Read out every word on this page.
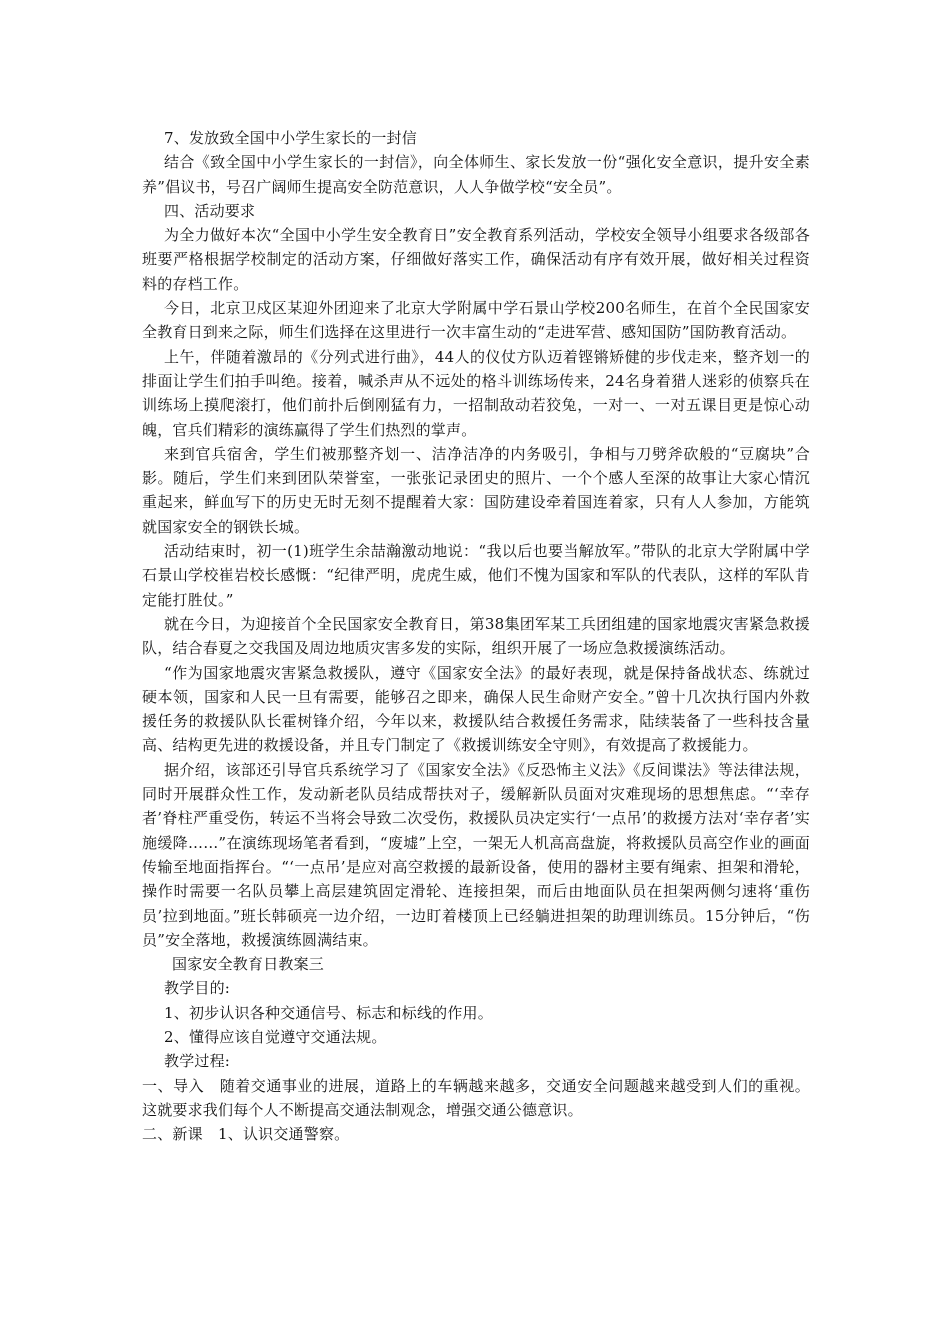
7、发放致全国中小学生家长的一封信

结合《致全国中小学生家长的一封信》，向全体师生、家长发放一份“强化安全意识，提升安全素养”倡议书，号召广阔师生提高安全防范意识，人人争做学校“安全员”。

四、活动要求

为全力做好本次“全国中小学生安全教育日”安全教育系列活动，学校安全领导小组要求各级部各班要严格根据学校制定的活动方案，仔细做好落实工作，确保活动有序有效开展，做好相关过程资料的存档工作。

今日，北京卫戍区某迎外团迎来了北京大学附属中学石景山学校200名师生，在首个全民国家安全教育日到来之际，师生们选择在这里进行一次丰富生动的“走进军营、感知国防”国防教育活动。

上午，伴随着激昂的《分列式进行曲》，44人的仪仗方队迈着铿锵矫健的步伐走来，整齐划一的排面让学生们拍手叫绝。接着，喊杀声从不远处的格斗训练场传来，24名身着猎人迷彩的侦察兵在训练场上摸爬滚打，他们前扑后倒刚猛有力，一招制敌动若狡兔，一对一、一对五课目更是惊心动魄，官兵们精彩的演练赢得了学生们热烈的掌声。

来到官兵宿舍，学生们被那整齐划一、洁净洁净的内务吸引，争相与刀劈斧砍般的“豆腐块”合影。随后，学生们来到团队荣誉室，一张张记录团史的照片、一个个感人至深的故事让大家心情沉重起来，鲜血写下的历史无时无刻不提醒着大家：国防建设牵着国连着家，只有人人参加，方能筑就国家安全的钢铁长城。

活动结束时，初一(1)班学生余喆瀚激动地说：“我以后也要当解放军。”带队的北京大学附属中学石景山学校崔岩校长感慨：“纪律严明，虎虎生威，他们不愧为国家和军队的代表队，这样的军队肯定能打胜仗。”

就在今日，为迎接首个全民国家安全教育日，第38集团军某工兵团组建的国家地震灾害紧急救援队，结合春夏之交我国及周边地质灾害多发的实际，组织开展了一场应急救援演练活动。

“作为国家地震灾害紧急救援队，遵守《国家安全法》的最好表现，就是保持备战状态、练就过硬本领，国家和人民一旦有需要，能够召之即来，确保人民生命财产安全。”曾十几次执行国内外救援任务的救援队队长霍树锋介绍，今年以来，救援队结合救援任务需求，陆续装备了一些科技含量高、结构更先进的救援设备，并且专门制定了《救援训练安全守则》，有效提高了救援能力。

据介绍，该部还引导官兵系统学习了《国家安全法》《反恐怖主义法》《反间谍法》等法律法规，同时开展群众性工作，发动新老队员结成帮扶对子，缓解新队员面对灾难现场的思想焦虑。“‘幸存者’脊柱严重受伤，转运不当将会导致二次受伤，救援队员决定实行‘一点吊’的救援方法对‘幸存者’实施缓降……”在演练现场笔者看到，“废墟”上空，一架无人机高高盘旋，将救援队员高空作业的画面传输至地面指挥台。“‘一点吊’是应对高空救援的最新设备，使用的器材主要有绳索、担架和滑轮，操作时需要一名队员攀上高层建筑固定滑轮、连接担架，而后由地面队员在担架两侧匀速将‘重伤员’拉到地面。”班长韩硕亮一边介绍，一边盯着楼顶上已经躺进担架的助理训练员。15分钟后，“伤员”安全落地，救援演练圆满结束。

国家安全教育日教案三

教学目的:

1、初步认识各种交通信号、标志和标线的作用。

2、懂得应该自觉遵守交通法规。

教学过程:

一、导入　随着交通事业的进展，道路上的车辆越来越多，交通安全问题越来越受到人们的重视。这就要求我们每个人不断提高交通法制观念，增强交通公德意识。

二、新课　1、认识交通警察。
